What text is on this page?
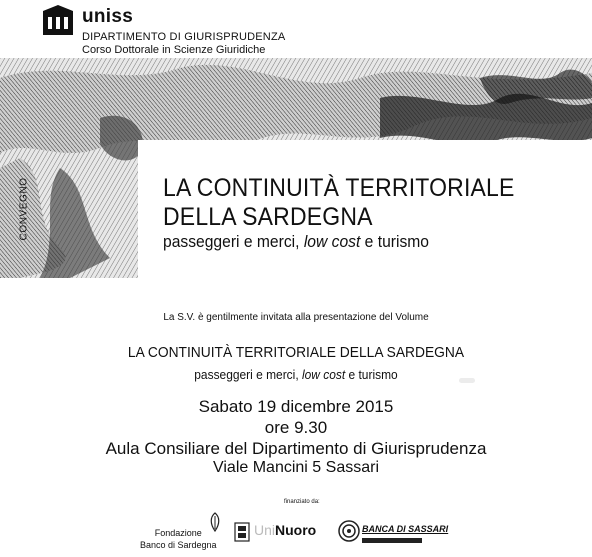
uniss
DIPARTIMENTO DI GIURISPRUDENZA
Corso Dottorale in Scienze Giuridiche
CONVEGNO	LA CONTINUITÀ TERRITORIALE
DELLA SARDEGNA
passeggeri e merci, low cost e turismo
La S.V. è gentilmente invitata alla presentazione del Volume
LA CONTINUITÀ TERRITORIALE DELLA SARDEGNA
passeggeri e merci, low cost e turismo
Sabato 19 dicembre 2015
ore 9.30
Aula Consiliare del Dipartimento di Giurisprudenza
Viale Mancini 5 Sassari
finanziato da:
Fondazione
Banco di Sardegna
UniNuoro	BANCA DI SASSARI
